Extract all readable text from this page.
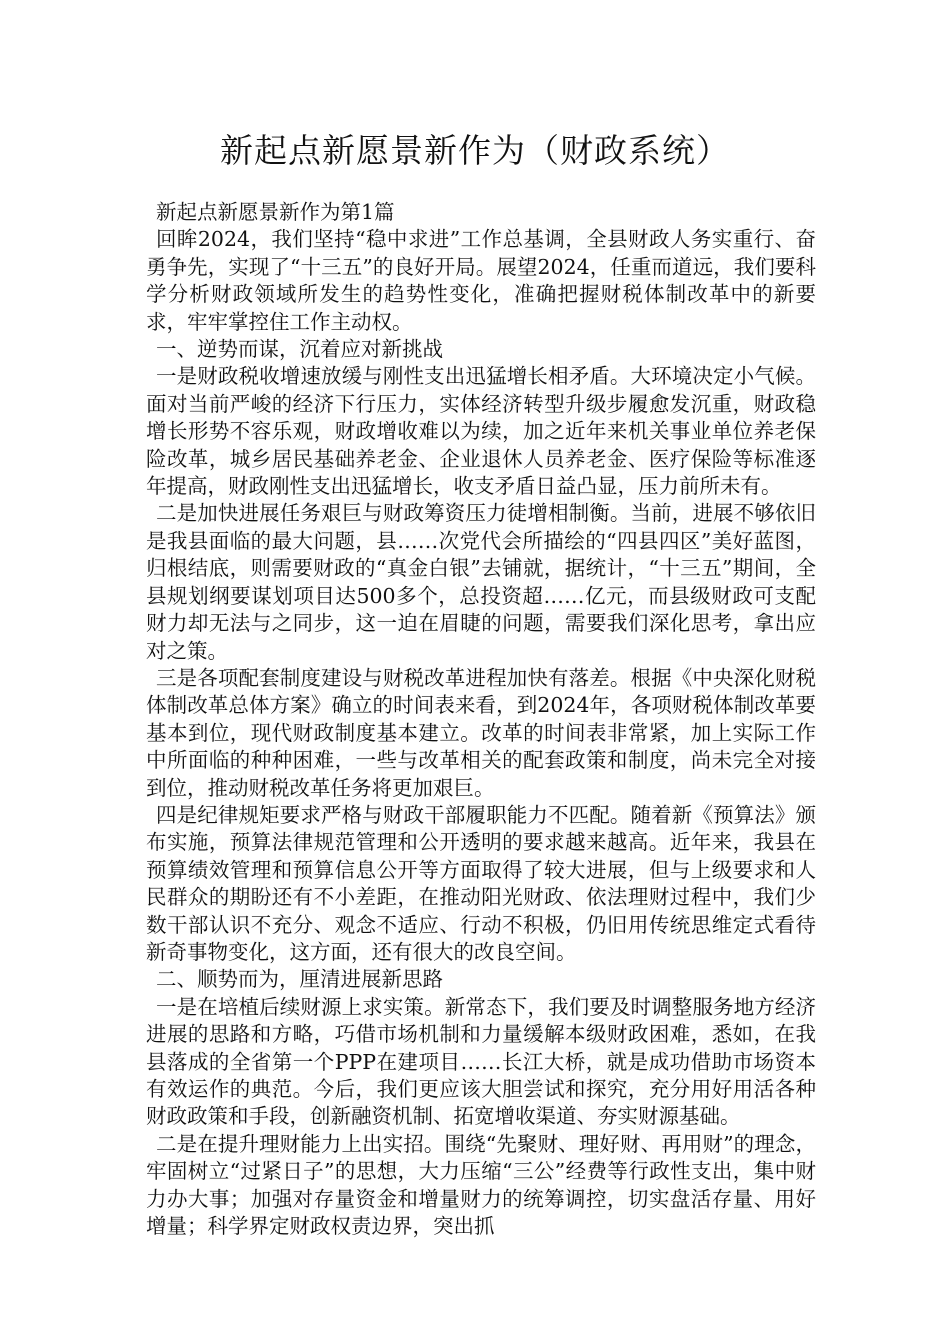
新起点新愿景新作为（财政系统）

新起点新愿景新作为第1篇

回眸2024，我们坚持“稳中求进”工作总基调，全县财政人务实重行、奋勇争先，实现了“十三五”的良好开局。展望2024，任重而道远，我们要科学分析财政领域所发生的趋势性变化，准确把握财税体制改革中的新要求，牢牢掌控住工作主动权。

一、逆势而谋，沉着应对新挑战

一是财政税收增速放缓与刚性支出迅猛增长相矛盾。大环境决定小气候。面对当前严峻的经济下行压力，实体经济转型升级步履愈发沉重，财政稳增长形势不容乐观，财政增收难以为续，加之近年来机关事业单位养老保险改革，城乡居民基础养老金、企业退休人员养老金、医疗保险等标准逐年提高，财政刚性支出迅猛增长，收支矛盾日益凸显，压力前所未有。

二是加快进展任务艰巨与财政筹资压力徒增相制衡。当前，进展不够依旧是我县面临的最大问题，县……次党代会所描绘的“四县四区”美好蓝图，归根结底，则需要财政的“真金白银”去铺就，据统计，“十三五”期间，全县规划纲要谋划项目达500多个，总投资超……亿元，而县级财政可支配财力却无法与之同步，这一迫在眉睫的问题，需要我们深化思考，拿出应对之策。

三是各项配套制度建设与财税改革进程加快有落差。根据《中央深化财税体制改革总体方案》确立的时间表来看，到2024年，各项财税体制改革要基本到位，现代财政制度基本建立。改革的时间表非常紧，加上实际工作中所面临的种种困难，一些与改革相关的配套政策和制度，尚未完全对接到位，推动财税改革任务将更加艰巨。

四是纪律规矩要求严格与财政干部履职能力不匹配。随着新《预算法》颁布实施，预算法律规范管理和公开透明的要求越来越高。近年来，我县在预算绩效管理和预算信息公开等方面取得了较大进展，但与上级要求和人民群众的期盼还有不小差距，在推动阳光财政、依法理财过程中，我们少数干部认识不充分、观念不适应、行动不积极，仍旧用传统思维定式看待新奇事物变化，这方面，还有很大的改良空间。

二、顺势而为，厘清进展新思路

一是在培植后续财源上求实策。新常态下，我们要及时调整服务地方经济进展的思路和方略，巧借市场机制和力量缓解本级财政困难，悉如，在我县落成的全省第一个PPP在建项目……长江大桥，就是成功借助市场资本有效运作的典范。今后，我们更应该大胆尝试和探究，充分用好用活各种财政政策和手段，创新融资机制、拓宽增收渠道、夯实财源基础。

二是在提升理财能力上出实招。围绕“先聚财、理好财、再用财”的理念，牢固树立“过紧日子”的思想，大力压缩“三公”经费等行政性支出，集中财力办大事；加强对存量资金和增量财力的统筹调控，切实盘活存量、用好增量；科学界定财政权责边界，突出抓
